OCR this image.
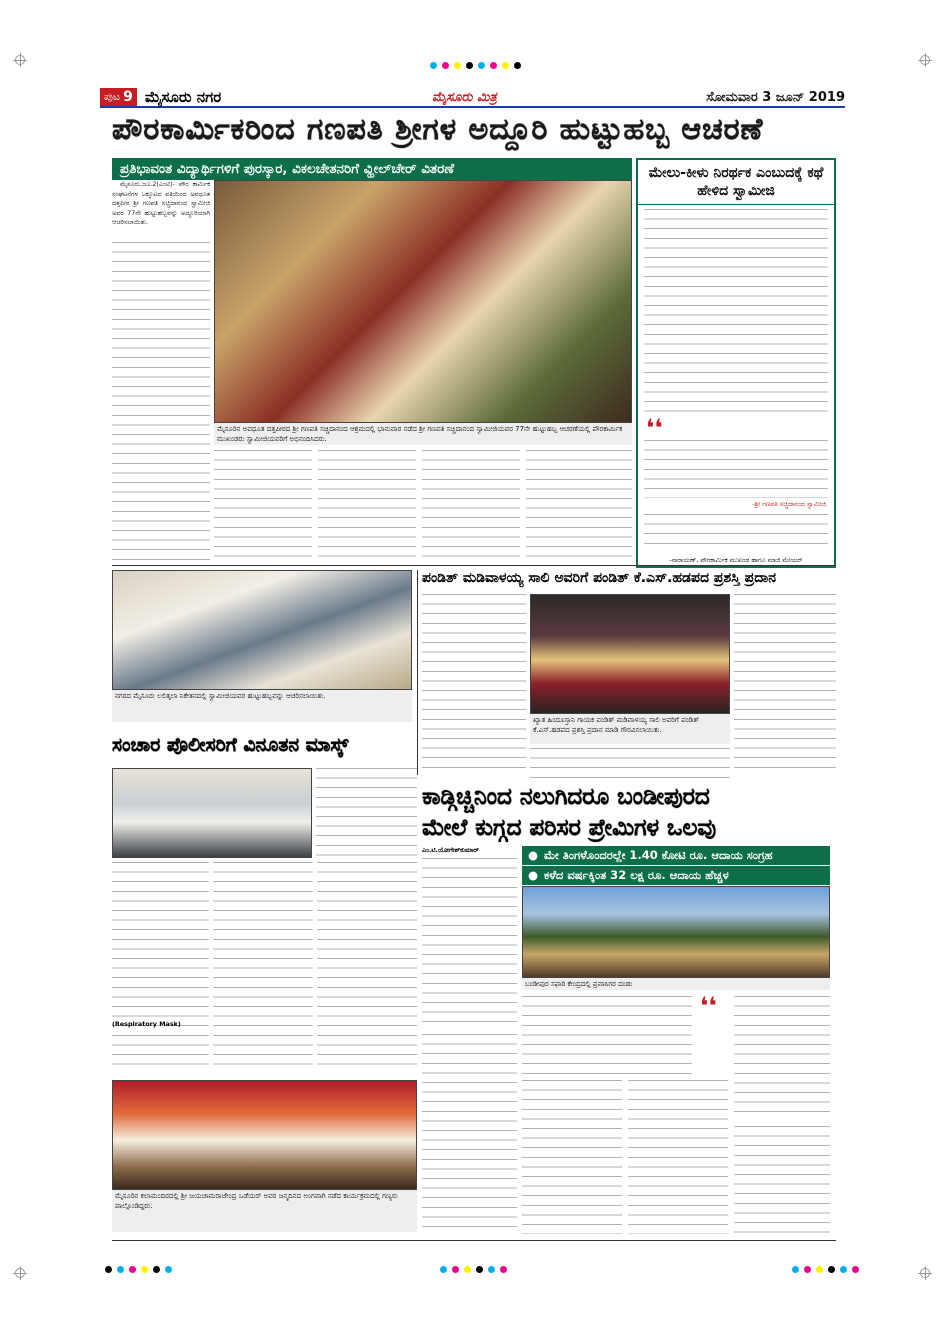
ಪುಟ 9 ಮೈಸೂರು ನಗರ	ಮೈಸೂರು ಮಿತ್ರ	ಸೋಮವಾರ 3 ಜೂನ್ 2019
ಪೌರಕಾರ್ಮಿಕರಿಂದ ಗಣಪತಿ ಶ್ರೀಗಳ ಅದ್ದೂರಿ ಹುಟ್ಟುಹಬ್ಬ ಆಚರಣೆ
ಪ್ರತಿಭಾವಂತ ವಿದ್ಯಾರ್ಥಿಗಳಿಗೆ ಪುರಸ್ಕಾರ, ವಿಕಲಚೇತನರಿಗೆ ವ್ಹೀಲ್‌ಚೇರ್ ವಿತರಣೆ

ಮೈಸೂರು,ಜೂ.2(ಎಂಟಿ)- ಪೌರ ಕಾರ್ಮಿಕ ಸಂಘಟನೆಗಳ ಒಕ್ಕೂಟದ ವತಿಯಿಂದ ಅವಧೂತ ದತ್ತಪೀಠ ಶ್ರೀ ಗಣಪತಿ ಸಚ್ಚಿದಾನಂದ ಸ್ವಾಮೀಜಿ ಅವರ 77ನೇ ಹುಟ್ಟುಹಬ್ಬವನ್ನು ಅದ್ದೂರಿಯಾಗಿ ಆಚರಿಸಲಾಯಿತು.

ಮೈಸೂರಿನ ಅವಧೂತ ದತ್ತಪೀಠದ ಶ್ರೀ ಗಣಪತಿ ಸಚ್ಚಿದಾನಂದ ಆಶ್ರಮದಲ್ಲಿ ಭಾನುವಾರ ನಡೆದ ಶ್ರೀ ಗಣಪತಿ ಸಚ್ಚಿದಾನಂದ ಸ್ವಾಮೀಜಿಯವರ 77ನೇ ಹುಟ್ಟುಹಬ್ಬ ಆಚರಣೆಯಲ್ಲಿ ಪೌರಕಾರ್ಮಿಕ ಮುಖಂಡರು ಸ್ವಾಮೀಜಿಯವರಿಗೆ ಅಭಿನಂದಿಸಿದರು.
ಮೇಲು-ಕೀಳು ನಿರರ್ಥಕ ಎಂಬುದಕ್ಕೆ ಕಥೆ ಹೇಳಿದ ಸ್ವಾಮೀಜಿ
❛❛
-ಶ್ರೀ ಗಣಪತಿ ಸಚ್ಚಿದಾನಂದ ಸ್ವಾಮೀಜಿ
-ನಾರಾಯಣ್, ಪೌರಕಾರ್ಮಿಕ ಮುಖಂಡ ಹಾಗೂ ಮಾಜಿ ಮೇಯರ್
ನಗರದ ಮೈಸೂರು ಲಲಿತ್ಕಲಾ ನಿಕೇತನದಲ್ಲಿ ಸ್ವಾಮೀಜಿಯವರ ಹುಟ್ಟುಹಬ್ಬವನ್ನು ಆಚರಿಸಲಾಯಿತು.
ಪಂಡಿತ್ ಮಡಿವಾಳಯ್ಯ ಸಾಲಿ ಅವರಿಗೆ ಪಂಡಿತ್ ಕೆ.ಎಸ್.ಹಡಪದ ಪ್ರಶಸ್ತಿ ಪ್ರದಾನ
ಖ್ಯಾತ ಹಿಂದೂಸ್ತಾನಿ ಗಾಯಕ ಪಂಡಿತ್ ಮಡಿವಾಳಯ್ಯ ಸಾಲಿ ಅವರಿಗೆ ಪಂಡಿತ್ ಕೆ.ಎಸ್.ಹಡಪದ ಪ್ರಶಸ್ತಿ ಪ್ರದಾನ ಮಾಡಿ ಗೌರವಿಸಲಾಯಿತು.
ಸಂಚಾರ ಪೊಲೀಸರಿಗೆ ವಿನೂತನ ಮಾಸ್ಕ್
(Respiratory Mask)
ಮೈಸೂರಿನ ಕಲಾಮಂದಿರದಲ್ಲಿ ಶ್ರೀ ಜಯಚಾಮರಾಜೇಂದ್ರ ಒಡೆಯರ್ ಅವರ ಜನ್ಮದಿನದ ಅಂಗವಾಗಿ ನಡೆದ ಕಾರ್ಯಕ್ರಮದಲ್ಲಿ ಗಣ್ಯರು ಪಾಲ್ಗೊಂಡಿದ್ದರು.
ಕಾಡ್ಗಿಚ್ಚಿನಿಂದ ನಲುಗಿದರೂ ಬಂಡೀಪುರದ
ಮೇಲೆ ಕುಗ್ಗದ ಪರಿಸರ ಪ್ರೇಮಿಗಳ ಒಲವು
ಎಂ.ಟಿ.ಯೋಗೇಶ್‌ಕುಮಾರ್	● ಮೇ ತಿಂಗಳೊಂದರಲ್ಲೇ 1.40 ಕೋಟಿ ರೂ. ಆದಾಯ ಸಂಗ್ರಹ
● ಕಳೆದ ವರ್ಷಕ್ಕಿಂತ 32 ಲಕ್ಷ ರೂ. ಆದಾಯ ಹೆಚ್ಚಳ
ಬಂಡೀಪುರ ಸಫಾರಿ ಕೇಂದ್ರದಲ್ಲಿ ಪ್ರವಾಸಿಗರ ದಂಡು
❛❛
